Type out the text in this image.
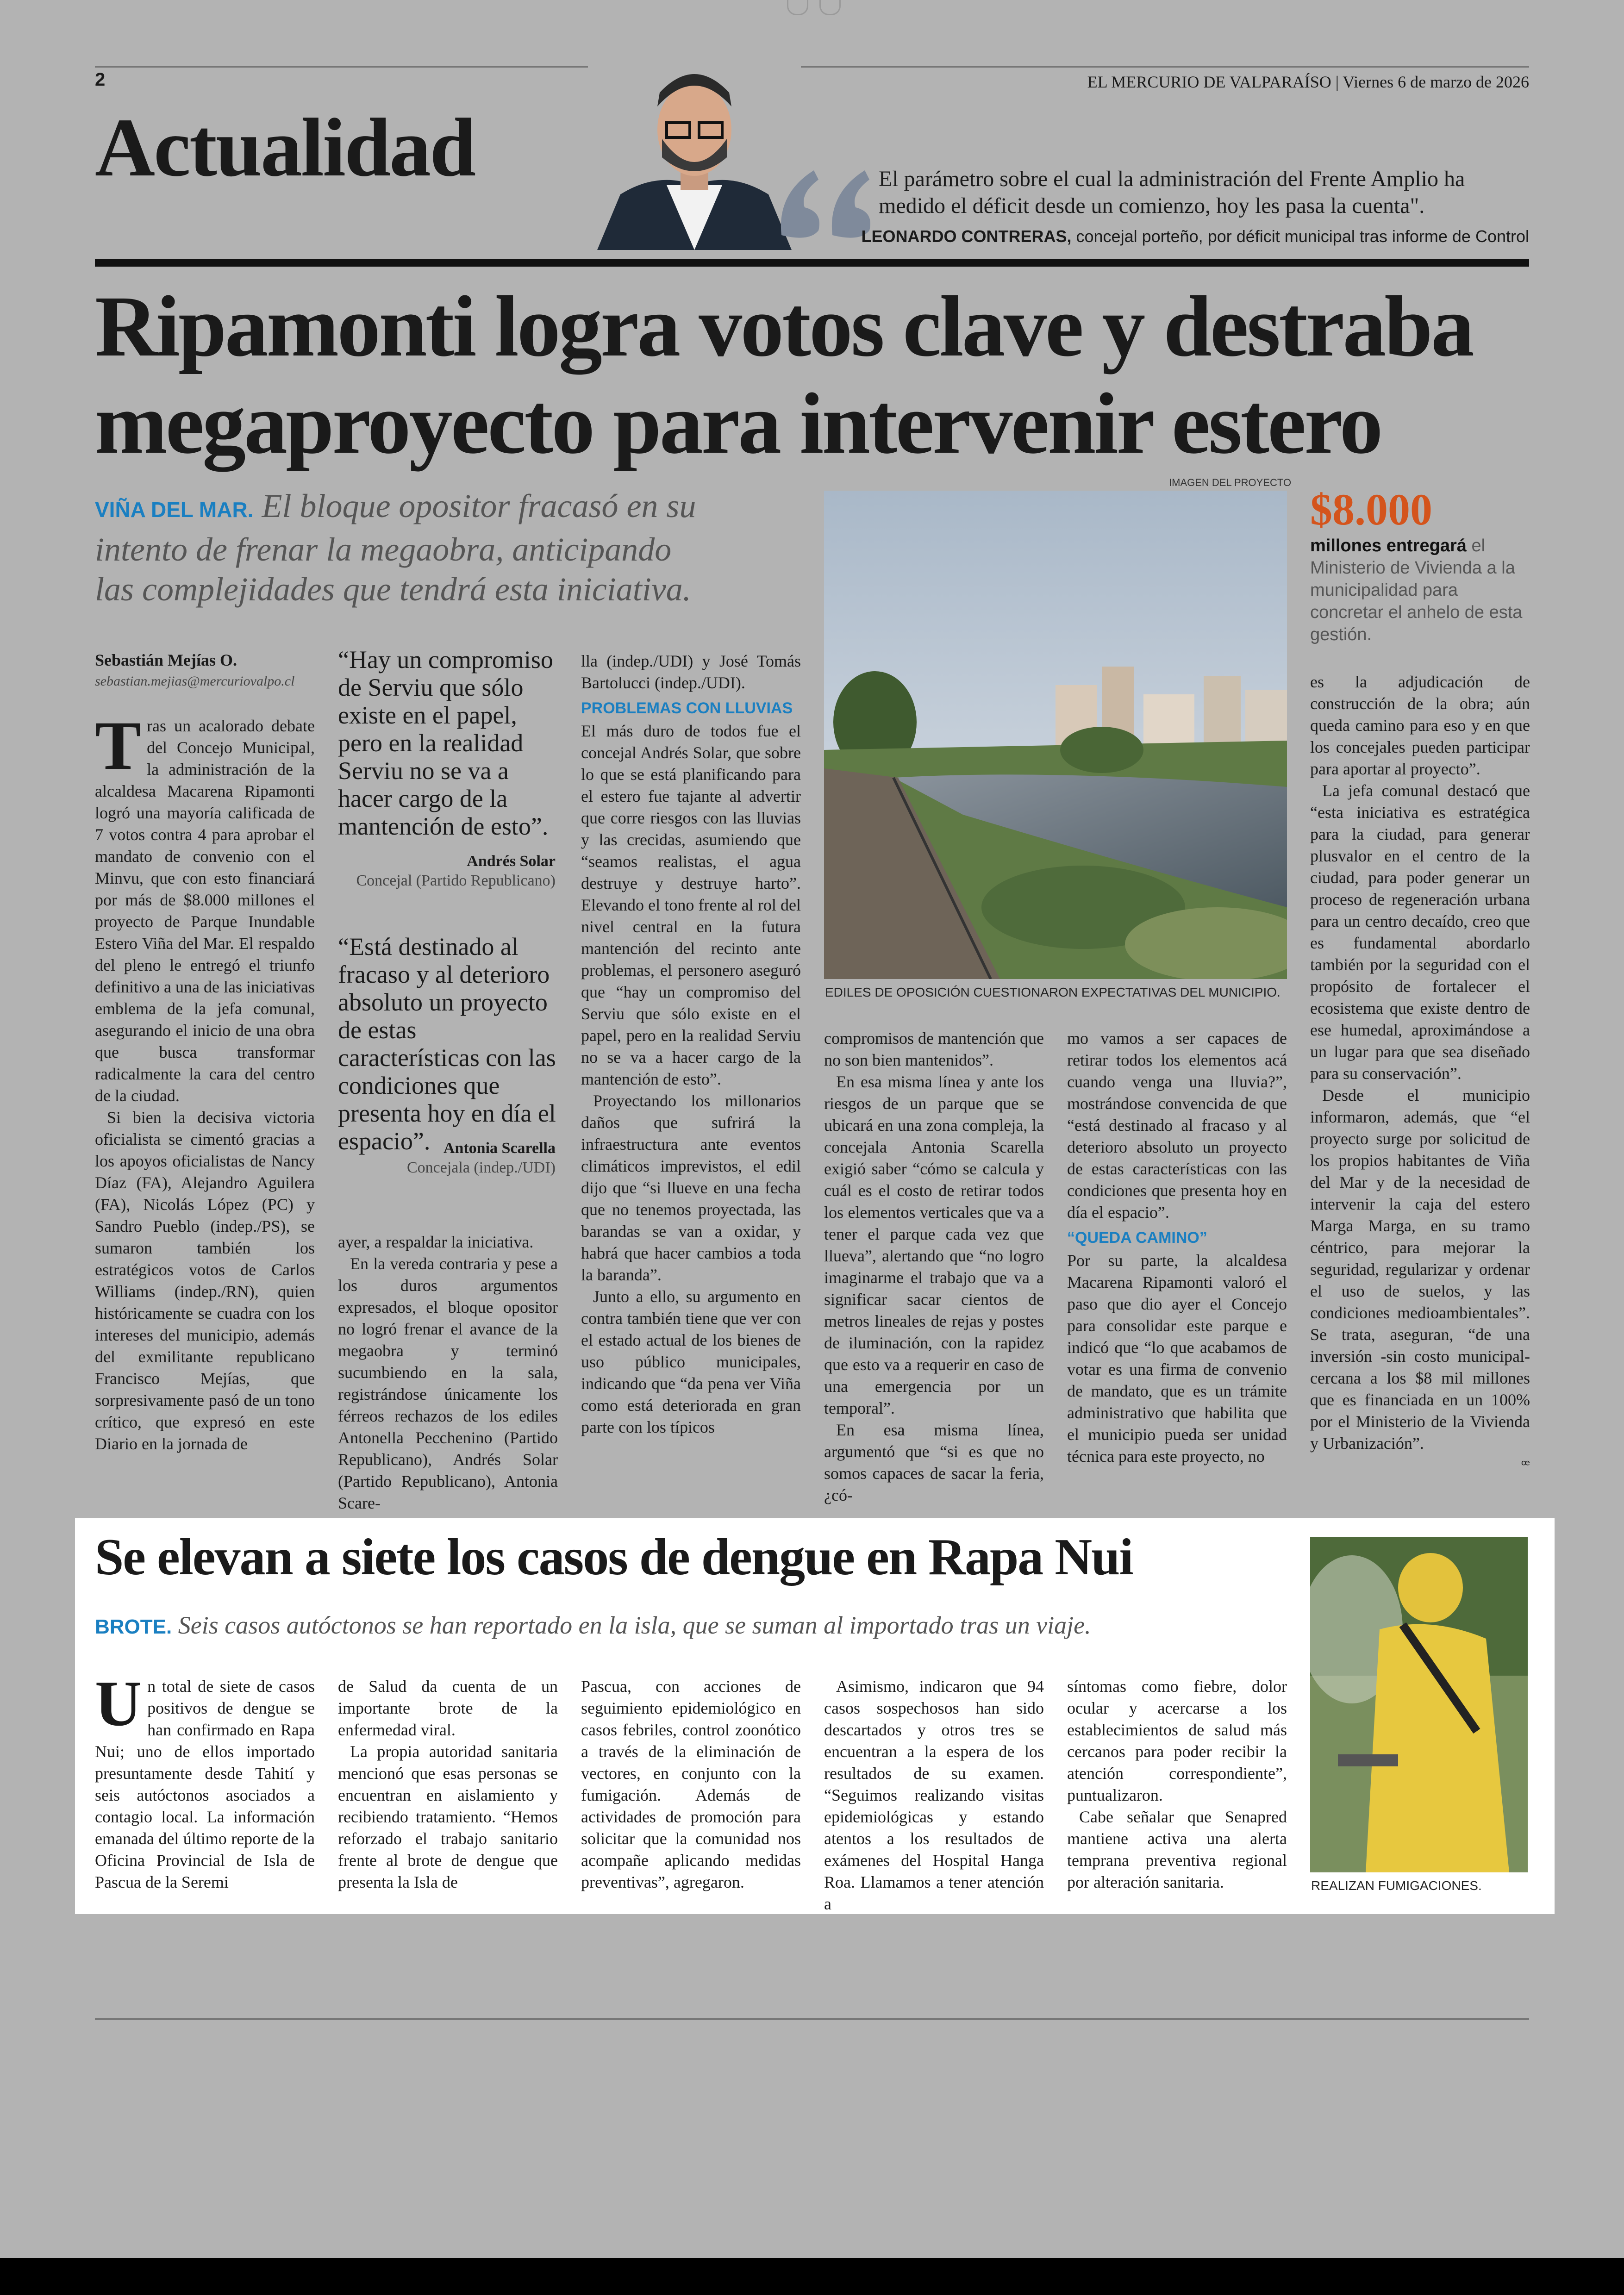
2	EL MERCURIO DE VALPARAÍSO | Viernes 6 de marzo de 2026
Actualidad	El parámetro sobre el cual la administración del Frente Amplio ha medido el déficit desde un comienzo, hoy les pasa la cuenta".
LEONARDO CONTRERAS, concejal porteño, por déficit municipal tras informe de Control
Ripamonti logra votos clave y destraba
megaproyecto para intervenir estero
VIÑA DEL MAR. El bloque opositor fracasó en su
intento de frenar la megaobra, anticipando
las complejidades que tendrá esta iniciativa.
Sebastián Mejías O.
sebastian.mejias@mercuriovalpo.cl
T ras un acalorado debate del Concejo Municipal, la administración de la alcaldesa Macarena Ripamonti logró una mayoría calificada de 7 votos contra 4 para aprobar el mandato de convenio con el Minvu, que con esto financiará por más de $8.000 millones el proyecto de Parque Inundable Estero Viña del Mar. El respaldo del pleno le entregó el triunfo definitivo a una de las iniciativas emblema de la jefa comunal, asegurando el inicio de una obra que busca transformar radicalmente la cara del centro de la ciudad.

Si bien la decisiva victoria oficialista se cimentó gracias a los apoyos oficialistas de Nancy Díaz (FA), Alejandro Aguilera (FA), Nicolás López (PC) y Sandro Pueblo (indep./PS), se sumaron también los estratégicos votos de Carlos Williams (indep./RN), quien históricamente se cuadra con los intereses del municipio, además del exmilitante republicano Francisco Mejías, que sorpresivamente pasó de un tono crítico, que expresó en este Diario en la jornada de

“Hay un compromiso de Serviu que sólo existe en el papel, pero en la realidad Serviu no se va a hacer cargo de la mantención de esto”.
Andrés Solar
Concejal (Partido Republicano)
“Está destinado al fracaso y al deterioro absoluto un proyecto de estas características con las condiciones que presenta hoy en día el espacio”. Antonia Scarella
Concejala (indep./UDI)

ayer, a respaldar la iniciativa.

En la vereda contraria y pese a los duros argumentos expresados, el bloque opositor no logró frenar el avance de la megaobra y terminó sucumbiendo en la sala, registrándose únicamente los férreos rechazos de los ediles Antonella Pecchenino (Partido Republicano), Andrés Solar (Partido Republicano), Antonia Scare-

lla (indep./UDI) y José Tomás Bartolucci (indep./UDI).

PROBLEMAS CON LLUVIAS

El más duro de todos fue el concejal Andrés Solar, que sobre lo que se está planificando para el estero fue tajante al advertir que corre riesgos con las lluvias y las crecidas, asumiendo que “seamos realistas, el agua destruye y destruye harto”. Elevando el tono frente al rol del nivel central en la futura mantención del recinto ante problemas, el personero aseguró que “hay un compromiso del Serviu que sólo existe en el papel, pero en la realidad Serviu no se va a hacer cargo de la mantención de esto”.

Proyectando los millonarios daños que sufrirá la infraestructura ante eventos climáticos imprevistos, el edil dijo que “si llueve en una fecha que no tenemos proyectada, las barandas se van a oxidar, y habrá que hacer cambios a toda la baranda”.

Junto a ello, su argumento en contra también tiene que ver con el estado actual de los bienes de uso público municipales, indicando que “da pena ver Viña como está deteriorada en gran parte con los típicos

IMAGEN DEL PROYECTO
EDILES DE OPOSICIÓN CUESTIONARON EXPECTATIVAS DEL MUNICIPIO.
$8.000
millones entregará el Ministerio de Vivienda a la municipalidad para concretar el anhelo de esta gestión.

compromisos de mantención que no son bien mantenidos”.

En esa misma línea y ante los riesgos de un parque que se ubicará en una zona compleja, la concejala Antonia Scarella exigió saber “cómo se calcula y cuál es el costo de retirar todos los elementos verticales que va a tener el parque cada vez que llueva”, alertando que “no logro imaginarme el trabajo que va a significar sacar cientos de metros lineales de rejas y postes de iluminación, con la rapidez que esto va a requerir en caso de una emergencia por un temporal”.

En esa misma línea, argumentó que “si es que no somos capaces de sacar la feria, ¿có-

mo vamos a ser capaces de retirar todos los elementos acá cuando venga una lluvia?”, mostrándose convencida de que “está destinado al fracaso y al deterioro absoluto un proyecto de estas características con las condiciones que presenta hoy en día el espacio”.

“QUEDA CAMINO”

Por su parte, la alcaldesa Macarena Ripamonti valoró el paso que dio ayer el Concejo para consolidar este parque e indicó que “lo que acabamos de votar es una firma de convenio de mandato, que es un trámite administrativo que habilita que el municipio pueda ser unidad técnica para este proyecto, no

es la adjudicación de construcción de la obra; aún queda camino para eso y en que los concejales pueden participar para aportar al proyecto”.

La jefa comunal destacó que “esta iniciativa es estratégica para la ciudad, para generar plusvalor en el centro de la ciudad, para poder generar un proceso de regeneración urbana para un centro decaído, creo que es fundamental abordarlo también por la seguridad con el propósito de fortalecer el ecosistema que existe dentro de ese humedal, aproximándose a un lugar para que sea diseñado para su conservación”.

Desde el municipio informaron, además, que “el proyecto surge por solicitud de los propios habitantes de Viña del Mar y de la necesidad de intervenir la caja del estero Marga Marga, en su tramo céntrico, para mejorar la seguridad, regularizar y ordenar el uso de suelos, y las condiciones medioambientales”. Se trata, aseguran, “de una inversión -sin costo municipal- cercana a los $8 mil millones que es financiada en un 100% por el Ministerio de la Vivienda y Urbanización”.

ꟹ
Se elevan a siete los casos de dengue en Rapa Nui
BROTE. Seis casos autóctonos se han reportado en la isla, que se suman al importado tras un viaje.
U n total de siete de casos positivos de dengue se han confirmado en Rapa Nui; uno de ellos importado presuntamente desde Tahití y seis autóctonos asociados a contagio local. La información emanada del último reporte de la Oficina Provincial de Isla de Pascua de la Seremi

de Salud da cuenta de un importante brote de la enfermedad viral.

La propia autoridad sanitaria mencionó que esas personas se encuentran en aislamiento y recibiendo tratamiento. “Hemos reforzado el trabajo sanitario frente al brote de dengue que presenta la Isla de

Pascua, con acciones de seguimiento epidemiológico en casos febriles, control zoonótico a través de la eliminación de vectores, en conjunto con la fumigación. Además de actividades de promoción para solicitar que la comunidad nos acompañe aplicando medidas preventivas”, agregaron.

Asimismo, indicaron que 94 casos sospechosos han sido descartados y otros tres se encuentran a la espera de los resultados de su examen. “Seguimos realizando visitas epidemiológicas y estando atentos a los resultados de exámenes del Hospital Hanga Roa. Llamamos a tener atención a

síntomas como fiebre, dolor ocular y acercarse a los establecimientos de salud más cercanos para poder recibir la atención correspondiente”, puntualizaron.

Cabe señalar que Senapred mantiene activa una alerta temprana preventiva regional por alteración sanitaria.	REALIZAN FUMIGACIONES.
